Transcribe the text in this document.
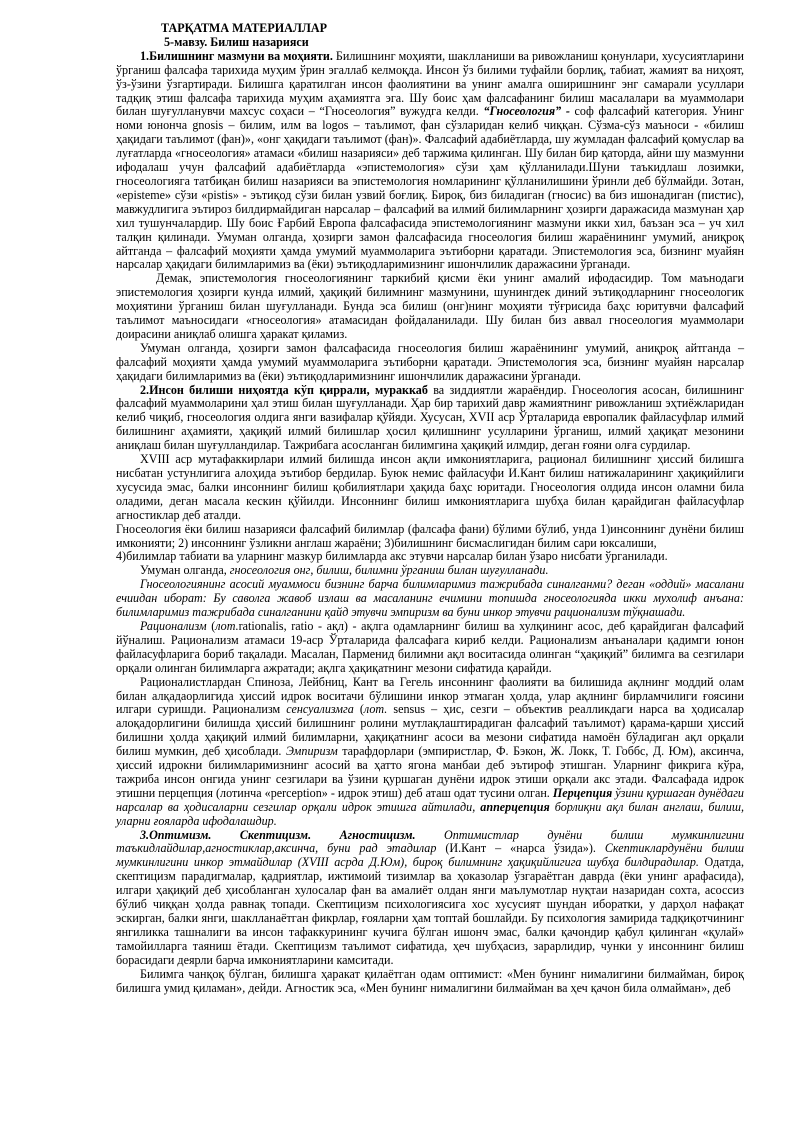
ТАРҚАТМА МАТЕРИАЛЛАР

5-мавзу. Билиш назарияси

1.Билишнинг мазмуни ва моҳияти. Билишнинг моҳияти, шаклланиши ва ривожланиш қонунлари, хусусиятларини ўрганиш фалсафа тарихида муҳим ўрин эгаллаб келмоқда. Инсон ўз билими туфайли борлиқ, табиат, жамият ва ниҳоят, ўз-ўзини ўзгартиради. Билишга қаратилган инсон фаолиятини ва унинг амалга оширишнинг энг самарали усуллари тадқиқ этиш фалсафа тарихида муҳим аҳамиятга эга. Шу боис ҳам фалсафанинг билиш масалалари ва муаммолари билан шуғулланувчи махсус соҳаси – “Гносеология” вужудга келди. “Гносеология” - соф фалсафий категория. Унинг номи юнонча gnosis – билим, илм ва logos – таълимот, фан сўзларидан келиб чиққан. Сўзма-сўз маъноси - «билиш ҳақидаги таълимот (фан)», «онг ҳақидаги таълимот (фан)». Фалсафий адабиётларда, шу жумладан фалсафий қомуслар ва луғатларда «гносеология» атамаси «билиш назарияси» деб таржима қилинган. Шу билан бир қаторда, айни шу мазмунни ифодалаш учун фалсафий адабиётларда «эпистемология» сўзи ҳам қўлланилади.Шуни таъкидлаш лозимки, гносеологияга татбиқан билиш назарияси ва эпистемология номларининг қўлланилишини ўринли деб бўлмайди. Зотан, «episteme» сўзи «pistis» - эътиқод сўзи билан узвий боғлиқ. Бироқ, биз биладиган (гносис) ва биз ишонадиган (пистис), мавжудлигига эътироз билдирмайдиган нарсалар – фалсафий ва илмий билимларнинг ҳозирги даражасида мазмунан ҳар хил тушунчалардир. Шу боис Ғарбий Европа фалсафасида эпистемологиянинг мазмуни икки хил, баъзан эса – уч хил талқин қилинади. Умуман олганда, ҳозирги замон фалсафасида гносеология билиш жараёнининг умумий, аниқроқ айтганда – фалсафий моҳияти ҳамда умумий муаммоларига эътиборни қаратади. Эпистемология эса, бизнинг муайян нарсалар ҳақидаги билимларимиз ва (ёки) эътиқодларимизнинг ишончлилик даражасини ўрганади.

Демак, эпистемология гносеологиянинг таркибий қисми ёки унинг амалий ифодасидир. Том маънодаги эпистемология ҳозирги кунда илмий, ҳақиқий билимнинг мазмунини, шунингдек диний эътиқодларнинг гносеологик моҳиятини ўрганиш билан шуғулланади. Бунда эса билиш (онг)нинг моҳияти тўғрисида баҳс юритувчи фалсафий таълимот маъносидаги «гносеология» атамасидан фойдаланилади. Шу билан биз аввал гносеология муаммолари доирасини аниқлаб олишга ҳаракат қиламиз.

Умуман олганда, ҳозирги замон фалсафасида гносеология билиш жараёнининг умумий, аниқроқ айтганда – фалсафий моҳияти ҳамда умумий муаммоларига эътиборни қаратади. Эпистемология эса, бизнинг муайян нарсалар ҳақидаги билимларимиз ва (ёки) эътиқодларимизнинг ишончлилик даражасини ўрганади.

2.Инсон билиши ниҳоятда кўп қиррали, мураккаб ва зиддиятли жараёндир. Гносеология асосан, билишнинг фалсафий муаммоларини ҳал этиш билан шуғулланади. Ҳар бир тарихий давр жамиятнинг ривожланиш эҳтиёжларидан келиб чиқиб, гносеология олдига янги вазифалар қўйяди. Хусусан, XVII аср Ўрталарида европалик файласуфлар илмий билишнинг аҳамияти, ҳақиқий илмий билишлар ҳосил қилишнинг усулларини ўрганиш, илмий ҳақиқат мезонини аниқлаш билан шуғулландилар. Тажрибага асосланган билимгина ҳақиқий илмдир, деган ғояни олға сурдилар.

XVIII аср мутафаккирлари илмий билишда инсон ақли имкониятларига, рационал билишнинг ҳиссий билишга нисбатан устунлигига алоҳида эътибор бердилар. Буюк немис файласуфи И.Кант билиш натижаларининг ҳақиқийлиги хусусида эмас, балки инсоннинг билиш қобилиятлари ҳақида баҳс юритади. Гносеология олдида инсон оламни била оладими, деган масала кескин қўйилди. Инсоннинг билиш имкониятларига шубҳа билан қарайдиган файласуфлар агностиклар деб аталди.

Гносеология ёки билиш назарияси фалсафий билимлар (фалсафа фани) бўлими бўлиб, унда 1)инсоннинг дунёни билиш имконияти; 2) инсоннинг ўзликни англаш жараёни; 3)билишнинг бисмаслигидан билим сари юксалиши,

4)билимлар табиати ва уларнинг мазкур билимларда акс этувчи нарсалар билан ўзаро нисбати ўрганилади.

Умуман олганда, гносеология онг, билиш, билимни ўрганиш билан шуғулланади.

Гносеологиянинг асосий муаммоси бизнинг барча билимларимиз тажрибада синалганми? деган «оддий» масалани ечиидан иборат: Бу саволга жавоб излаш ва масаланинг ечимини топишда гносеологияда икки мухолиф анъана: билимларимиз тажрибада синалганини қайд этувчи эмпиризм ва буни инкор этувчи рационализм тўқнашади.

Рационализм (лот.rationalis, ratio - ақл) - ақлга одамларнинг билиш ва хулқининг асос, деб қарайдиган фалсафий йўналиш. Рационализм атамаси 19-аср Ўрталарида фалсафага кириб келди. Рационализм анъаналари қадимги юнон файласуфларига бориб тақалади. Масалан, Парменид билимни ақл воситасида олинган “ҳақиқий” билимга ва сезгилари орқали олинган билимларга ажратади; ақлга ҳақиқатнинг мезони сифатида қарайди.

Рационалистлардан Спиноза, Лейбниц, Кант ва Гегель инсоннинг фаолияти ва билишида ақлнинг моддий олам билан алқадаорлигида ҳиссий идрок воситачи бўлишини инкор этмаган ҳолда, улар ақлнинг бирламчилиги ғоясини илгари суришди. Рационализм сенсуализмга (лот. sensus – ҳис, сезги – объектив реалликдаги нарса ва ҳодисалар алоқадорлигини билишда ҳиссий билишнинг ролини мутлақлаштирадиган фалсафий таълимот) қарама-қарши ҳиссий билишни ҳолда ҳақиқий илмий билимларни, ҳақиқатнинг асоси ва мезони сифатида намоён бўладиган ақл орқали билиш мумкин, деб ҳисоблади. Эмпиризм тарафдорлари (эмпиристлар, Ф. Бэкон, Ж. Локк, Т. Гоббс, Д. Юм), аксинча, ҳиссий идрокни билимларимизнинг асосий ва ҳатто ягона манбаи деб эътироф этишган. Уларнинг фикрига кўра, тажриба инсон онгида унинг сезгилари ва ўзини қуршаган дунёни идрок этиши орқали акс этади. Фалсафада идрок этишни перцепция (лотинча «perception» - идрок этиш) деб аташ одат тусини олган. Перцепция ўзини қуршаган дунёдаги нарсалар ва ҳодисаларни сезгилар орқали идрок этишга айтилади, апперцепция борлиқни ақл билан англаш, билиш, уларни ғояларда ифодалашдир.

3.Оптимизм. Скептицизм. Агностицизм. Оптимистлар дунёни билиш мумкинлигини таъкидлайдилар,агностиклар,аксинча, буни рад этадилар (И.Кант – «нарса ўзида»). Скептиклардунёни билиш мумкинлигини инкор этмайдилар (XVIII асрда Д.Юм), бироқ билимнинг ҳақиқийлигига шубҳа билдирадилар. Одатда, скептицизм парадигмалар, қадриятлар, ижтимоий тизимлар ва ҳоказолар ўзгараётган даврда (ёки унинг арафасида), илгари ҳақиқий деб ҳисобланган хулосалар фан ва амалиёт олдан янги маълумотлар нуқтаи назаридан сохта, асоссиз бўлиб чиққан ҳолда равнақ топади. Скептицизм психологиясига хос хусусият шундан иборатки, у дарҳол нафақат эскирган, балки янги, шаклланаётган фикрлар, ғояларни ҳам топтай бошлайди. Бу психология замирида тадқиқотчининг янгиликка ташналиги ва инсон тафаккурининг кучига бўлган ишонч эмас, балки қачондир қабул қилинган «қулай» тамойилларга таяниш ётади. Скептицизм таълимот сифатида, ҳеч шубҳасиз, зарарлидир, чунки у инсоннинг билиш борасидаги деярли барча имкониятларини камситади.

Билимга чанқоқ бўлган, билишга ҳаракат қилаётган одам оптимист: «Мен бунинг нималигини билмайман, бироқ билишга умид қиламан», дейди. Агностик эса, «Мен бунинг нималигини билмайман ва ҳеч қачон била олмайман», деб
